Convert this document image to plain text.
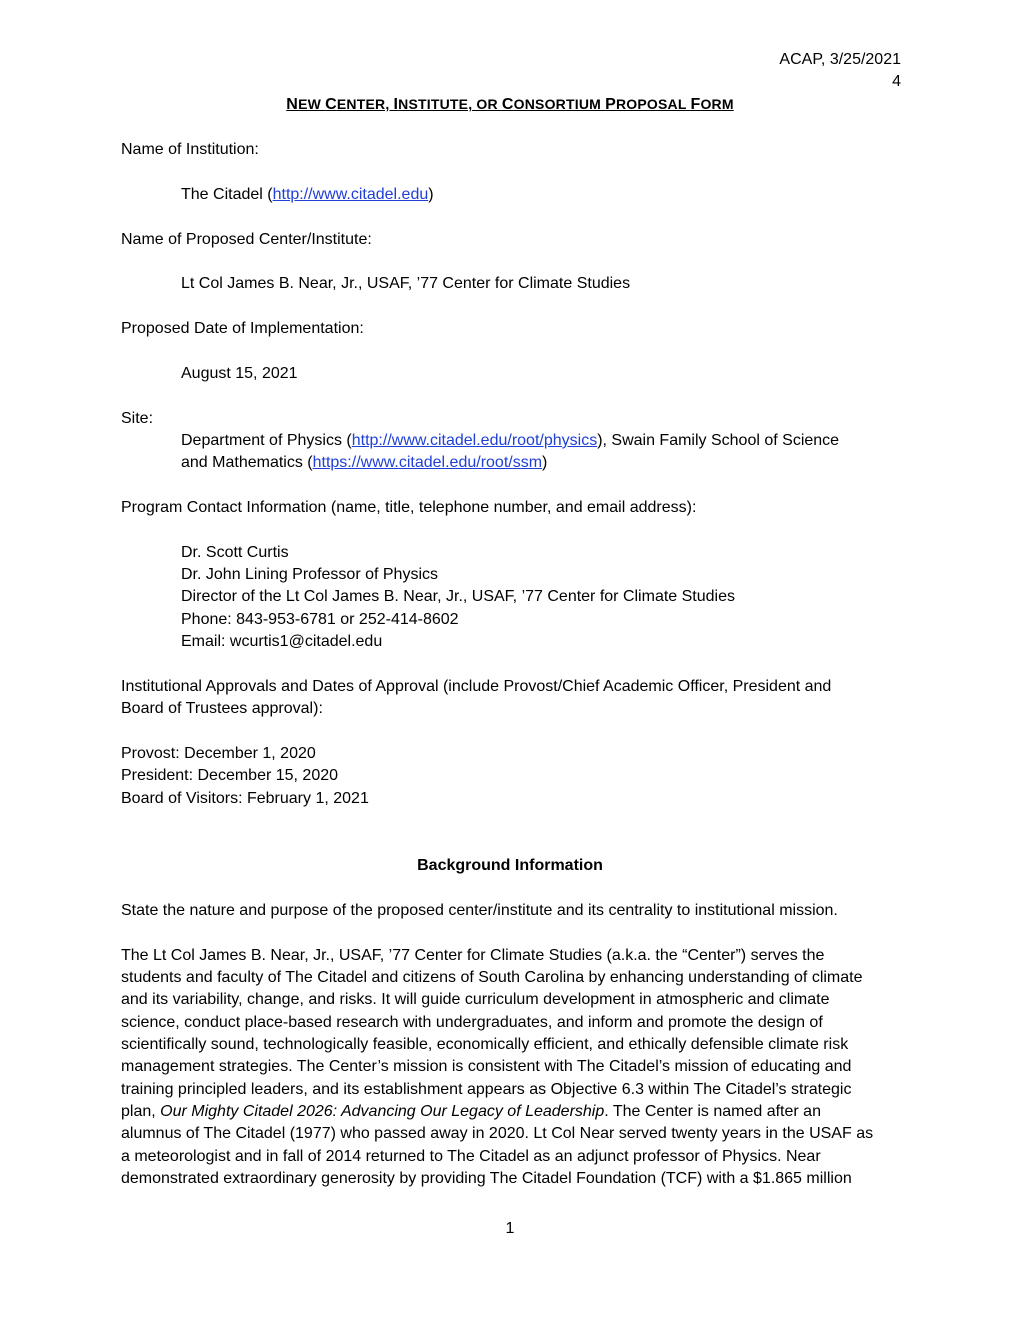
ACAP, 3/25/2021
4
NEW CENTER, INSTITUTE, OR CONSORTIUM PROPOSAL FORM
Name of Institution:
The Citadel (http://www.citadel.edu)
Name of Proposed Center/Institute:
Lt Col James B. Near, Jr., USAF, ’77 Center for Climate Studies
Proposed Date of Implementation:
August 15, 2021
Site:
Department of Physics (http://www.citadel.edu/root/physics), Swain Family School of Science
and Mathematics (https://www.citadel.edu/root/ssm)
Program Contact Information (name, title, telephone number, and email address):
Dr. Scott Curtis
Dr. John Lining Professor of Physics
Director of the Lt Col James B. Near, Jr., USAF, ’77 Center for Climate Studies
Phone: 843-953-6781 or 252-414-8602
Email: wcurtis1@citadel.edu
Institutional Approvals and Dates of Approval (include Provost/Chief Academic Officer, President and
Board of Trustees approval):
Provost: December 1, 2020
President: December 15, 2020
Board of Visitors: February 1, 2021
Background Information
State the nature and purpose of the proposed center/institute and its centrality to institutional mission.
The Lt Col James B. Near, Jr., USAF, ’77 Center for Climate Studies (a.k.a. the “Center”) serves the
students and faculty of The Citadel and citizens of South Carolina by enhancing understanding of climate
and its variability, change, and risks. It will guide curriculum development in atmospheric and climate
science, conduct place-based research with undergraduates, and inform and promote the design of
scientifically sound, technologically feasible, economically efficient, and ethically defensible climate risk
management strategies. The Center’s mission is consistent with The Citadel’s mission of educating and
training principled leaders, and its establishment appears as Objective 6.3 within The Citadel’s strategic
plan, Our Mighty Citadel 2026: Advancing Our Legacy of Leadership. The Center is named after an
alumnus of The Citadel (1977) who passed away in 2020. Lt Col Near served twenty years in the USAF as
a meteorologist and in fall of 2014 returned to The Citadel as an adjunct professor of Physics. Near
demonstrated extraordinary generosity by providing The Citadel Foundation (TCF) with a $1.865 million
1
